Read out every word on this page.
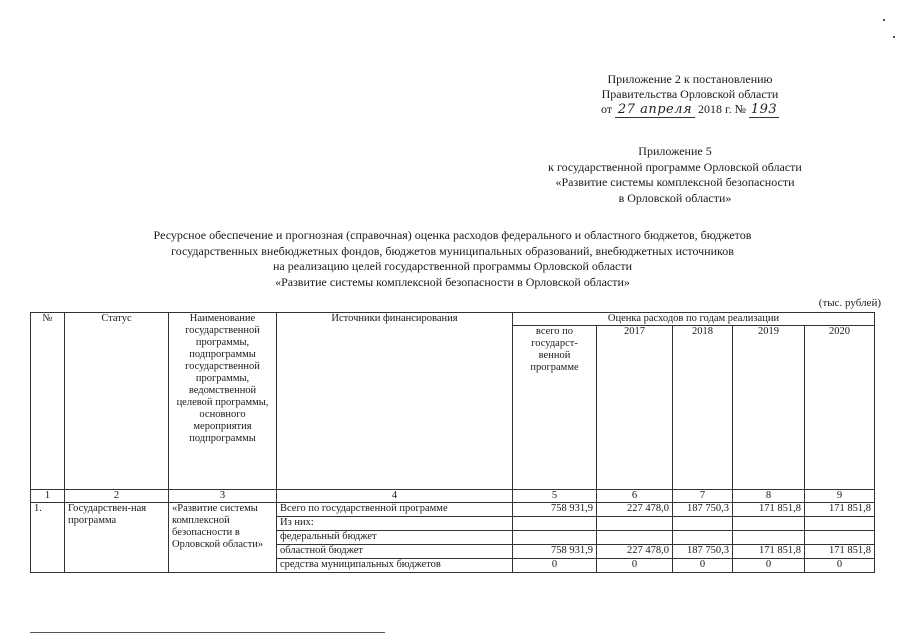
Приложение 2 к постановлению
Правительства Орловской области
от 27 апреля 2018 г. № 193
Приложение 5
к государственной программе Орловской области
«Развитие системы комплексной безопасности
в Орловской области»
Ресурсное обеспечение и прогнозная (справочная) оценка расходов федерального и областного бюджетов, бюджетов
государственных внебюджетных фондов, бюджетов муниципальных образований, внебюджетных источников
на реализацию целей государственной программы Орловской области
«Развитие системы комплексной безопасности в Орловской области»
(тыс. рублей)
№	Статус	Наименование государственной программы, подпрограммы государственной программы, ведомственной целевой программы, основного мероприятия подпрограммы	Источники финансирования	Оценка расходов по годам реализации				
				всего по государст-венной программе	2017	2018	2019	2020
1	2	3	4	5	6	7	8	9
1.	Государствен-ная программа	«Развитие системы комплексной безопасности в Орловской области»	Всего по государственной программе	758 931,9	227 478,0	187 750,3	171 851,8	171 851,8
			Из них:					
			федеральный бюджет					
			областной бюджет	758 931,9	227 478,0	187 750,3	171 851,8	171 851,8
			средства муниципальных бюджетов	0	0	0	0	0
